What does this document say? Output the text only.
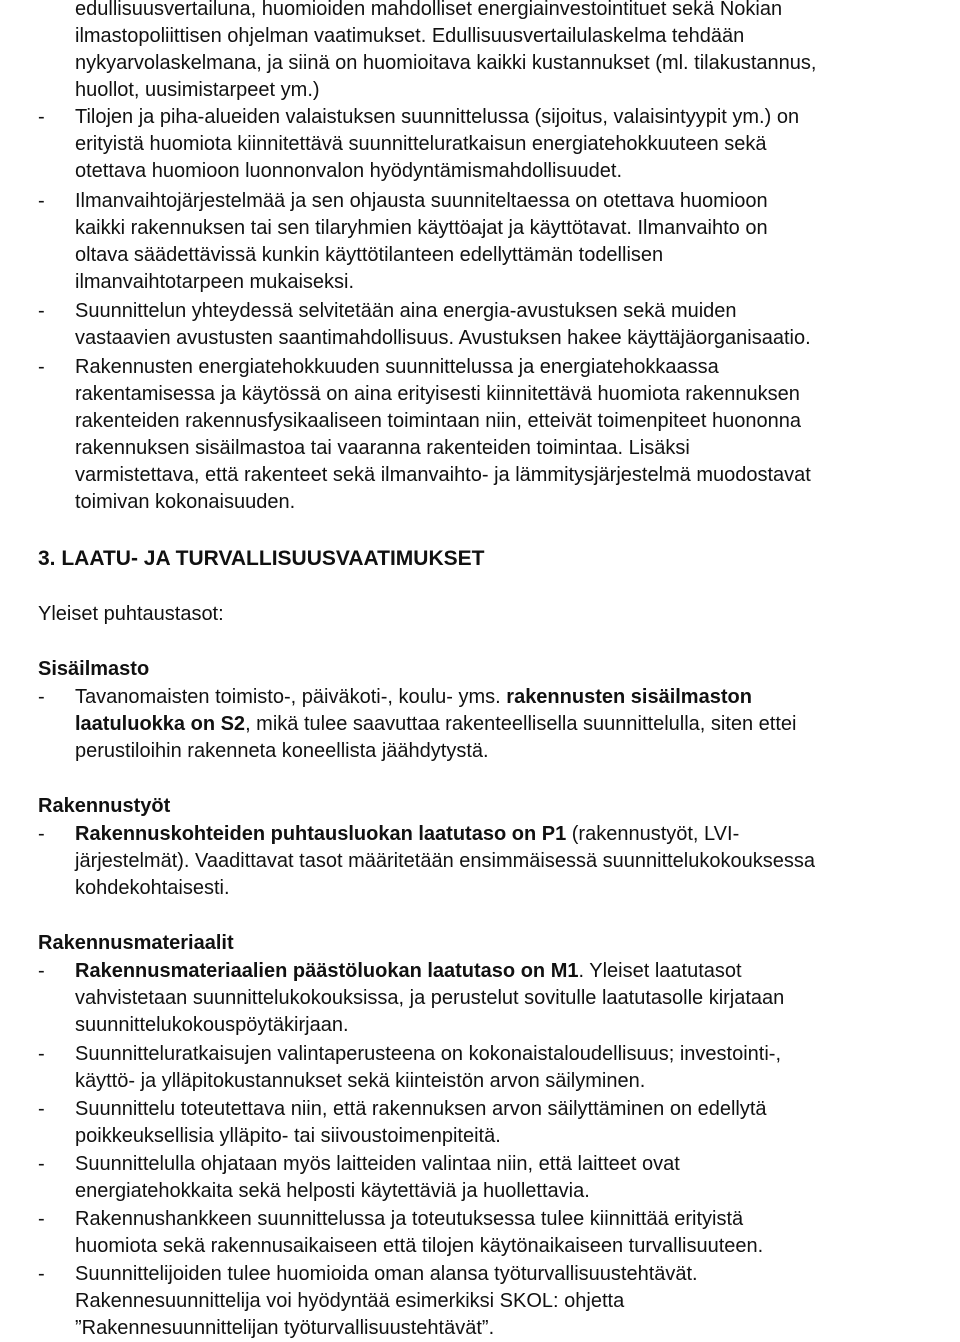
edullisuusvertailuna, huomioiden mahdolliset energiainvestointituet sekä Nokian
ilmastopoliittisen ohjelman vaatimukset. Edullisuusvertailulaskelma tehdään
nykyarvolaskelmana, ja siinä on huomioitava kaikki kustannukset (ml. tilakustannus,
huollot, uusimistarpeet ym.)
-	Tilojen ja piha-alueiden valaistuksen suunnittelussa (sijoitus, valaisintyypit ym.) on
erityistä huomiota kiinnitettävä suunnitteluratkaisun energiatehokkuuteen sekä
otettava huomioon luonnonvalon hyödyntämismahdollisuudet.
-	Ilmanvaihtojärjestelmää ja sen ohjausta suunniteltaessa on otettava huomioon
kaikki rakennuksen tai sen tilaryhmien käyttöajat ja käyttötavat. Ilmanvaihto on
oltava säädettävissä kunkin käyttötilanteen edellyttämän todellisen
ilmanvaihtotarpeen mukaiseksi.
-	Suunnittelun yhteydessä selvitetään aina energia-avustuksen sekä muiden
vastaavien avustusten saantimahdollisuus. Avustuksen hakee käyttäjäorganisaatio.
-	Rakennusten energiatehokkuuden suunnittelussa ja energiatehokkaassa
rakentamisessa ja käytössä on aina erityisesti kiinnitettävä huomiota rakennuksen
rakenteiden rakennusfysikaaliseen toimintaan niin, etteivät toimenpiteet huononna
rakennuksen sisäilmastoa tai vaaranna rakenteiden toimintaa. Lisäksi
varmistettava, että rakenteet sekä ilmanvaihto- ja lämmitysjärjestelmä muodostavat
toimivan kokonaisuuden.
3. LAATU- JA TURVALLISUUSVAATIMUKSET
Yleiset puhtaustasot:
Sisäilmasto
-	Tavanomaisten toimisto-, päiväkoti-, koulu- yms. rakennusten sisäilmaston
laatuluokka on S2, mikä tulee saavuttaa rakenteellisella suunnittelulla, siten ettei
perustiloihin rakenneta koneellista jäähdytystä.
Rakennustyöt
-	Rakennuskohteiden puhtausluokan laatutaso on P1 (rakennustyöt, LVI-
järjestelmät). Vaadittavat tasot määritetään ensimmäisessä suunnittelukokouksessa
kohdekohtaisesti.
Rakennusmateriaalit
-	Rakennusmateriaalien päästöluokan laatutaso on M1. Yleiset laatutasot
vahvistetaan suunnittelukokouksissa, ja perustelut sovitulle laatutasolle kirjataan
suunnittelukokouspöytäkirjaan.
-	Suunnitteluratkaisujen valintaperusteena on kokonaistaloudellisuus; investointi-,
käyttö- ja ylläpitokustannukset sekä kiinteistön arvon säilyminen.
-	Suunnittelu toteutettava niin, että rakennuksen arvon säilyttäminen on edellytä
poikkeuksellisia ylläpito- tai siivoustoimenpiteitä.
-	Suunnittelulla ohjataan myös laitteiden valintaa niin, että laitteet ovat
energiatehokkaita sekä helposti käytettäviä ja huollettavia.
-	Rakennushankkeen suunnittelussa ja toteutuksessa tulee kiinnittää erityistä
huomiota sekä rakennusaikaiseen että tilojen käytönaikaiseen turvallisuuteen.
-	Suunnittelijoiden tulee huomioida oman alansa työturvallisuustehtävät.
Rakennesuunnittelija voi hyödyntää esimerkiksi SKOL: ohjetta
”Rakennesuunnittelijan työturvallisuustehtävät”.
